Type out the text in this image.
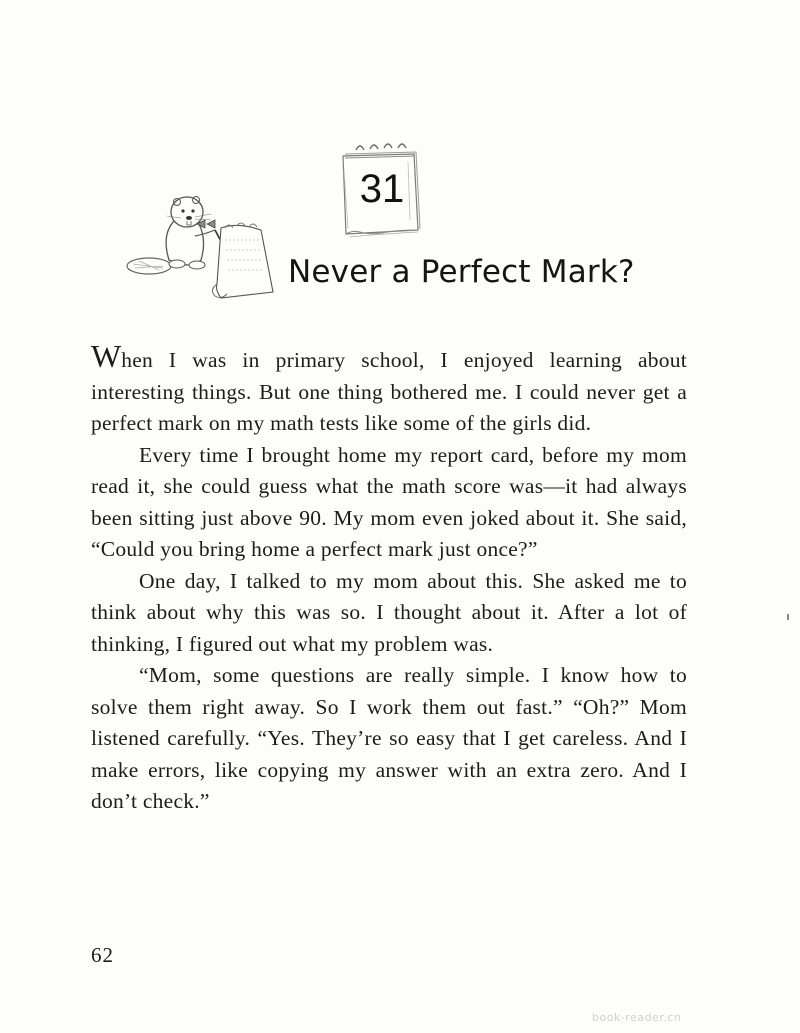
31
Never a Perfect Mark?

When I was in primary school, I enjoyed learning about interesting things. But one thing bothered me. I could never get a perfect mark on my math tests like some of the girls did.

Every time I brought home my report card, before my mom read it, she could guess what the math score was—it had always been sitting just above 90. My mom even joked about it. She said, “Could you bring home a perfect mark just once?”

One day, I talked to my mom about this. She asked me to think about why this was so. I thought about it. After a lot of thinking, I figured out what my problem was.

“Mom, some questions are really simple. I know how to solve them right away. So I work them out fast.” “Oh?” Mom listened carefully. “Yes. They’re so easy that I get careless. And I make errors, like copying my answer with an extra zero. And I don’t check.”

62
book-reader.cn
